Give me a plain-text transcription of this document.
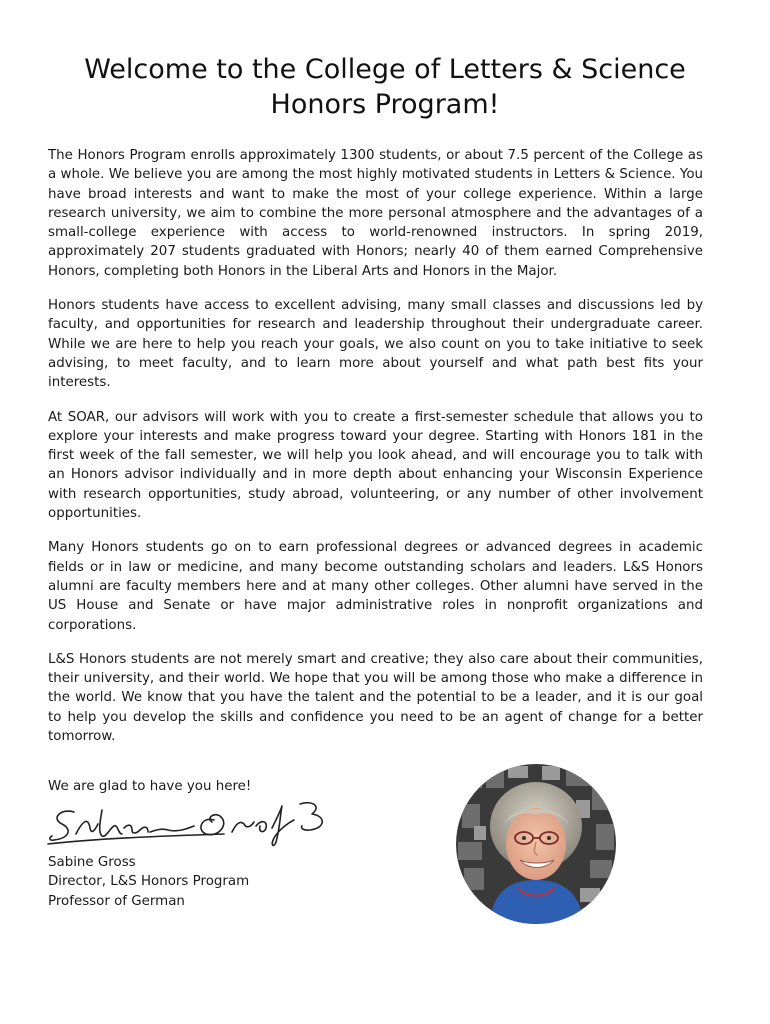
Welcome to the College of Letters & Science
Honors Program!

The Honors Program enrolls approximately 1300 students, or about 7.5 percent of the College as a whole. We believe you are among the most highly motivated students in Letters & Science. You have broad interests and want to make the most of your college experience. Within a large research university, we aim to combine the more personal atmosphere and the advantages of a small-college experience with access to world-renowned instructors. In spring 2019, approximately 207 students graduated with Honors; nearly 40 of them earned Comprehensive Honors, completing both Honors in the Liberal Arts and Honors in the Major.

Honors students have access to excellent advising, many small classes and discussions led by faculty, and opportunities for research and leadership throughout their undergraduate career. While we are here to help you reach your goals, we also count on you to take initiative to seek advising, to meet faculty, and to learn more about yourself and what path best fits your interests.

At SOAR, our advisors will work with you to create a first-semester schedule that allows you to explore your interests and make progress toward your degree. Starting with Honors 181 in the first week of the fall semester, we will help you look ahead, and will encourage you to talk with an Honors advisor individually and in more depth about enhancing your Wisconsin Experience with research opportunities, study abroad, volunteering, or any number of other involvement opportunities.

Many Honors students go on to earn professional degrees or advanced degrees in academic fields or in law or medicine, and many become outstanding scholars and leaders. L&S Honors alumni are faculty members here and at many other colleges. Other alumni have served in the US House and Senate or have major administrative roles in nonprofit organizations and corporations.

L&S Honors students are not merely smart and creative; they also care about their communities, their university, and their world. We hope that you will be among those who make a difference in the world. We know that you have the talent and the potential to be a leader, and it is our goal to help you develop the skills and confidence you need to be an agent of change for a better tomorrow.

We are glad to have you here!

Sabine Gross
Director, L&S Honors Program
Professor of German
